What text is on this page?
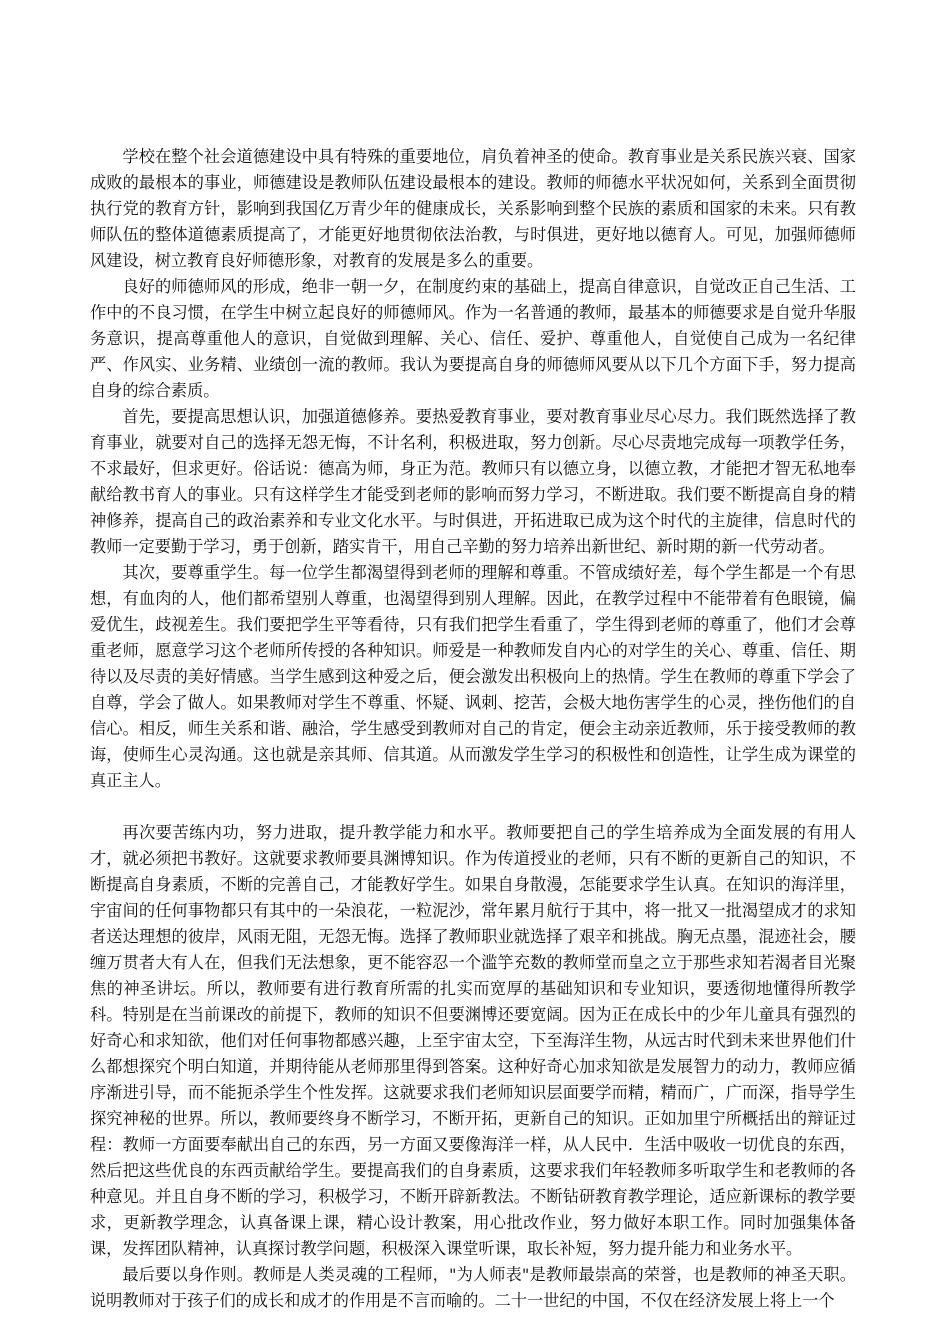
学校在整个社会道德建设中具有特殊的重要地位，肩负着神圣的使命。教育事业是关系民族兴衰、国家成败的最根本的事业，师德建设是教师队伍建设最根本的建设。教师的师德水平状况如何，关系到全面贯彻执行党的教育方针，影响到我国亿万青少年的健康成长，关系影响到整个民族的素质和国家的未来。只有教师队伍的整体道德素质提高了，才能更好地贯彻依法治教，与时俱进，更好地以德育人。可见，加强师德师风建设，树立教育良好师德形象，对教育的发展是多么的重要。

良好的师德师风的形成，绝非一朝一夕，在制度约束的基础上，提高自律意识，自觉改正自己生活、工作中的不良习惯，在学生中树立起良好的师德师风。作为一名普通的教师，最基本的师德要求是自觉升华服务意识，提高尊重他人的意识，自觉做到理解、关心、信任、爱护、尊重他人，自觉使自己成为一名纪律严、作风实、业务精、业绩创一流的教师。我认为要提高自身的师德师风要从以下几个方面下手，努力提高自身的综合素质。

首先，要提高思想认识，加强道德修养。要热爱教育事业，要对教育事业尽心尽力。我们既然选择了教育事业，就要对自己的选择无怨无悔，不计名利，积极进取，努力创新。尽心尽责地完成每一项教学任务，不求最好，但求更好。俗话说：德高为师，身正为范。教师只有以德立身，以德立教，才能把才智无私地奉献给教书育人的事业。只有这样学生才能受到老师的影响而努力学习，不断进取。我们要不断提高自身的精神修养，提高自己的政治素养和专业文化水平。与时俱进，开拓进取已成为这个时代的主旋律，信息时代的教师一定要勤于学习，勇于创新，踏实肯干，用自己辛勤的努力培养出新世纪、新时期的新一代劳动者。

其次，要尊重学生。每一位学生都渴望得到老师的理解和尊重。不管成绩好差，每个学生都是一个有思想，有血肉的人，他们都希望别人尊重，也渴望得到别人理解。因此，在教学过程中不能带着有色眼镜，偏爱优生，歧视差生。我们要把学生平等看待，只有我们把学生看重了，学生得到老师的尊重了，他们才会尊重老师，愿意学习这个老师所传授的各种知识。师爱是一种教师发自内心的对学生的关心、尊重、信任、期待以及尽责的美好情感。当学生感到这种爱之后，便会激发出积极向上的热情。学生在教师的尊重下学会了自尊，学会了做人。如果教师对学生不尊重、怀疑、讽刺、挖苦，会极大地伤害学生的心灵，挫伤他们的自信心。相反，师生关系和谐、融洽，学生感受到教师对自己的肯定，便会主动亲近教师，乐于接受教师的教诲，使师生心灵沟通。这也就是亲其师、信其道。从而激发学生学习的积极性和创造性，让学生成为课堂的真正主人。

再次要苦练内功，努力进取，提升教学能力和水平。教师要把自己的学生培养成为全面发展的有用人才，就必须把书教好。这就要求教师要具渊博知识。作为传道授业的老师，只有不断的更新自己的知识，不断提高自身素质，不断的完善自己，才能教好学生。如果自身散漫，怎能要求学生认真。在知识的海洋里，宇宙间的任何事物都只有其中的一朵浪花，一粒泥沙，常年累月航行于其中，将一批又一批渴望成才的求知者送达理想的彼岸，风雨无阻，无怨无悔。选择了教师职业就选择了艰辛和挑战。胸无点墨，混迹社会，腰缠万贯者大有人在，但我们无法想象，更不能容忍一个滥竽充数的教师堂而皇之立于那些求知若渴者目光聚焦的神圣讲坛。所以，教师要有进行教育所需的扎实而宽厚的基础知识和专业知识，要透彻地懂得所教学科。特别是在当前课改的前提下，教师的知识不但要渊博还要宽阔。因为正在成长中的少年儿童具有强烈的好奇心和求知欲，他们对任何事物都感兴趣，上至宇宙太空，下至海洋生物，从远古时代到未来世界他们什么都想探究个明白知道，并期待能从老师那里得到答案。这种好奇心加求知欲是发展智力的动力，教师应循序渐进引导，而不能扼杀学生个性发挥。这就要求我们老师知识层面要学而精，精而广，广而深，指导学生探究神秘的世界。所以，教师要终身不断学习，不断开拓，更新自己的知识。正如加里宁所概括出的辩证过程：教师一方面要奉献出自己的东西，另一方面又要像海洋一样，从人民中．生活中吸收一切优良的东西，然后把这些优良的东西贡献给学生。要提高我们的自身素质，这要求我们年轻教师多听取学生和老教师的各种意见。并且自身不断的学习，积极学习，不断开辟新教法。不断钻研教育教学理论，适应新课标的教学要求，更新教学理念，认真备课上课，精心设计教案，用心批改作业，努力做好本职工作。同时加强集体备课，发挥团队精神，认真探讨教学问题，积极深入课堂听课，取长补短，努力提升能力和业务水平。

最后要以身作则。教师是人类灵魂的工程师，"为人师表"是教师最崇高的荣誉，也是教师的神圣天职。说明教师对于孩子们的成长和成才的作用是不言而喻的。二十一世纪的中国，不仅在经济发展上将上一个
